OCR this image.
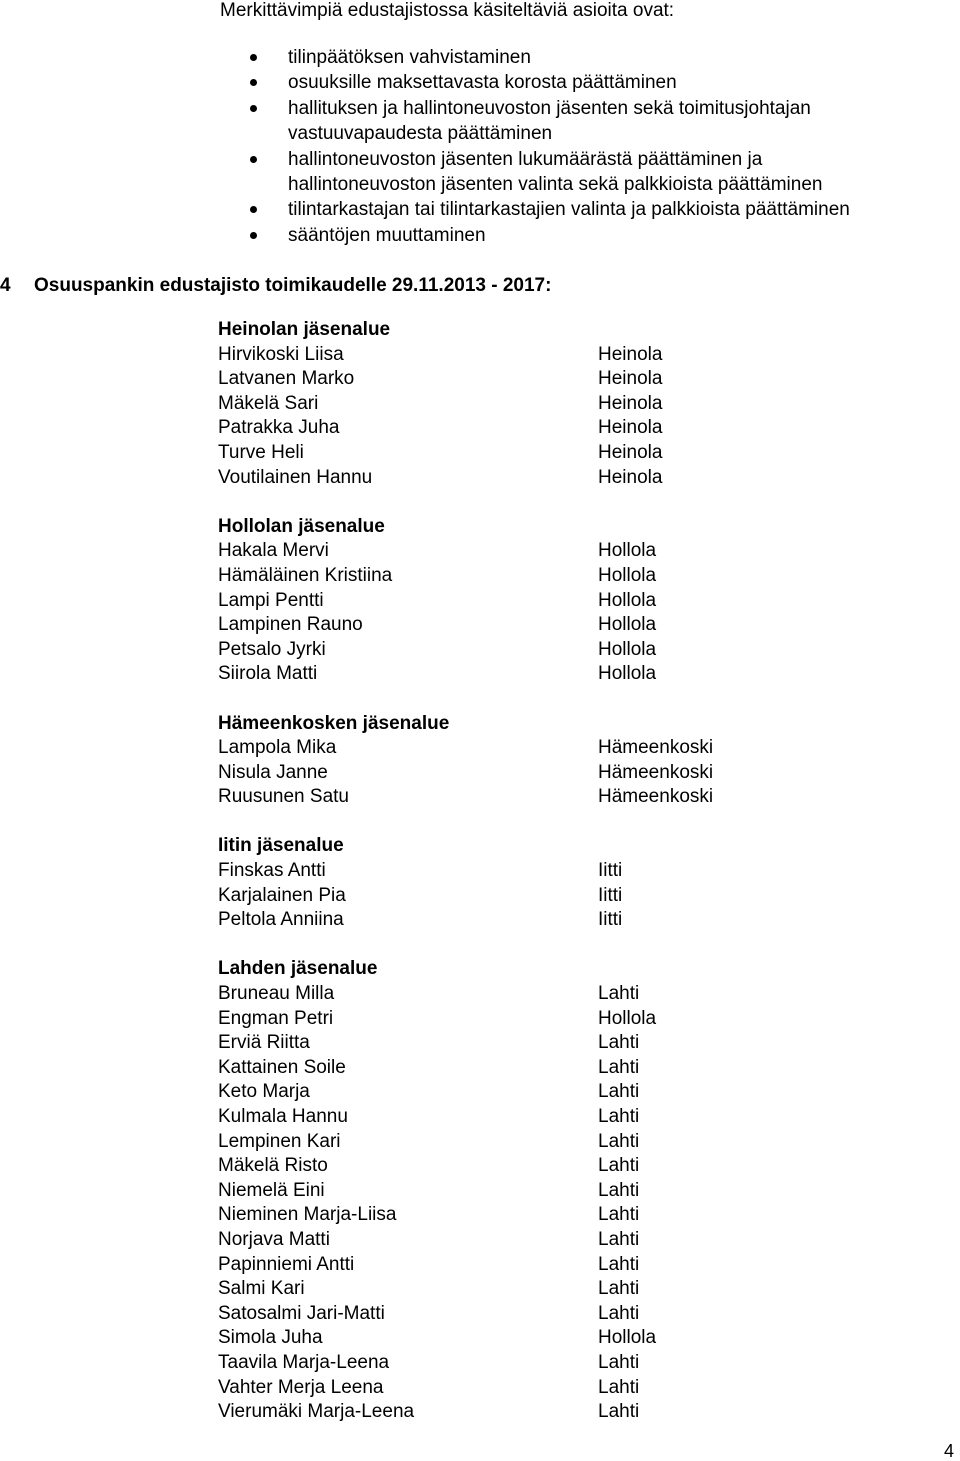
Merkittävimpiä edustajistossa käsiteltäviä asioita ovat:
tilinpäätöksen vahvistaminen
osuuksille maksettavasta korosta päättäminen
hallituksen ja hallintoneuvoston jäsenten sekä toimitusjohtajan
vastuuvapaudesta päättäminen
hallintoneuvoston jäsenten lukumäärästä päättäminen ja
hallintoneuvoston jäsenten valinta sekä palkkioista päättäminen
tilintarkastajan tai tilintarkastajien valinta ja palkkioista päättäminen
sääntöjen muuttaminen
4 Osuuspankin edustajisto toimikaudelle 29.11.2013 - 2017:
Heinolan jäsenalue
Hirvikoski Liisa	Heinola
Latvanen Marko	Heinola
Mäkelä Sari	Heinola
Patrakka Juha	Heinola
Turve Heli	Heinola
Voutilainen Hannu	Heinola
Hollolan jäsenalue
Hakala Mervi	Hollola
Hämäläinen Kristiina	Hollola
Lampi Pentti	Hollola
Lampinen Rauno	Hollola
Petsalo Jyrki	Hollola
Siirola Matti	Hollola
Hämeenkosken jäsenalue
Lampola Mika	Hämeenkoski
Nisula Janne	Hämeenkoski
Ruusunen Satu	Hämeenkoski
Iitin jäsenalue
Finskas Antti	Iitti
Karjalainen Pia	Iitti
Peltola Anniina	Iitti
Lahden jäsenalue
Bruneau Milla	Lahti
Engman Petri	Hollola
Erviä Riitta	Lahti
Kattainen Soile	Lahti
Keto Marja	Lahti
Kulmala Hannu	Lahti
Lempinen Kari	Lahti
Mäkelä Risto	Lahti
Niemelä Eini	Lahti
Nieminen Marja-Liisa	Lahti
Norjava Matti	Lahti
Papinniemi Antti	Lahti
Salmi Kari	Lahti
Satosalmi Jari-Matti	Lahti
Simola Juha	Hollola
Taavila Marja-Leena	Lahti
Vahter Merja Leena	Lahti
Vierumäki Marja-Leena	Lahti
4
